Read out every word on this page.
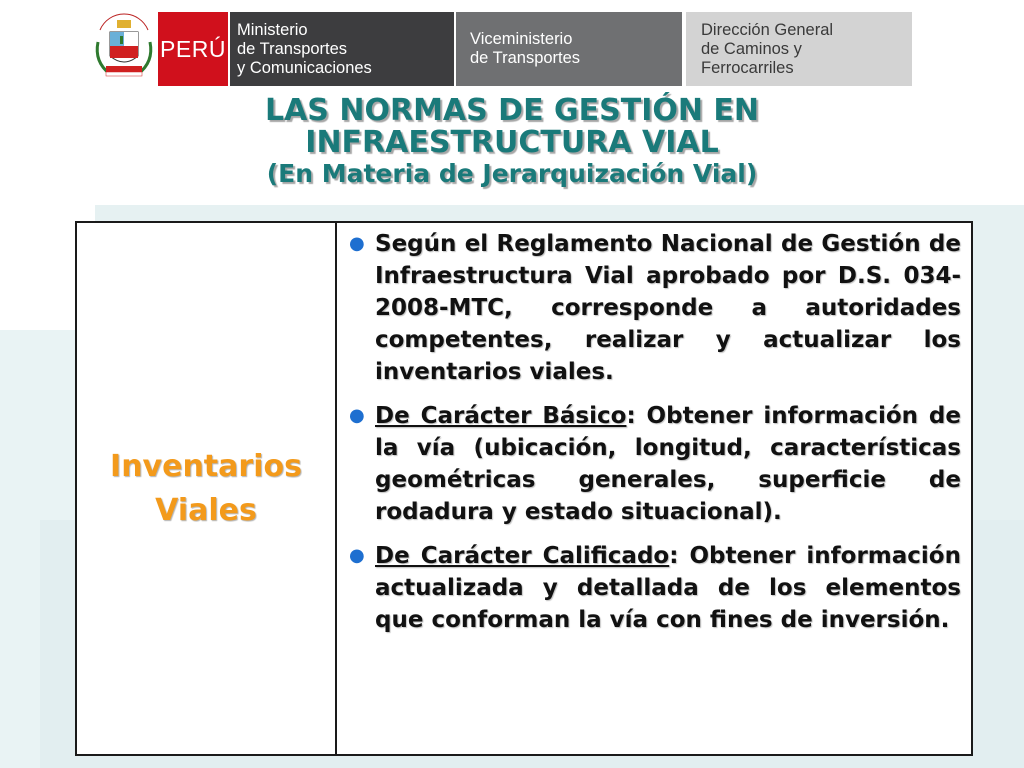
PERÚ
Ministerio
de Transportes
y Comunicaciones
Viceministerio
de Transportes
Dirección General
de Caminos y
Ferrocarriles
LAS NORMAS DE GESTIÓN EN
INFRAESTRUCTURA VIAL
(En Materia de Jerarquización Vial)
Inventarios
Viales
● Según el Reglamento Nacional de Gestión de Infraestructura Vial aprobado por D.S. 034-2008-MTC, corresponde a autoridades competentes, realizar y actualizar los inventarios viales.
● De Carácter Básico: Obtener información de la vía (ubicación, longitud, características geométricas generales, superficie de rodadura y estado situacional).
● De Carácter Calificado: Obtener información actualizada y detallada de los elementos que conforman la vía con fines de inversión.
